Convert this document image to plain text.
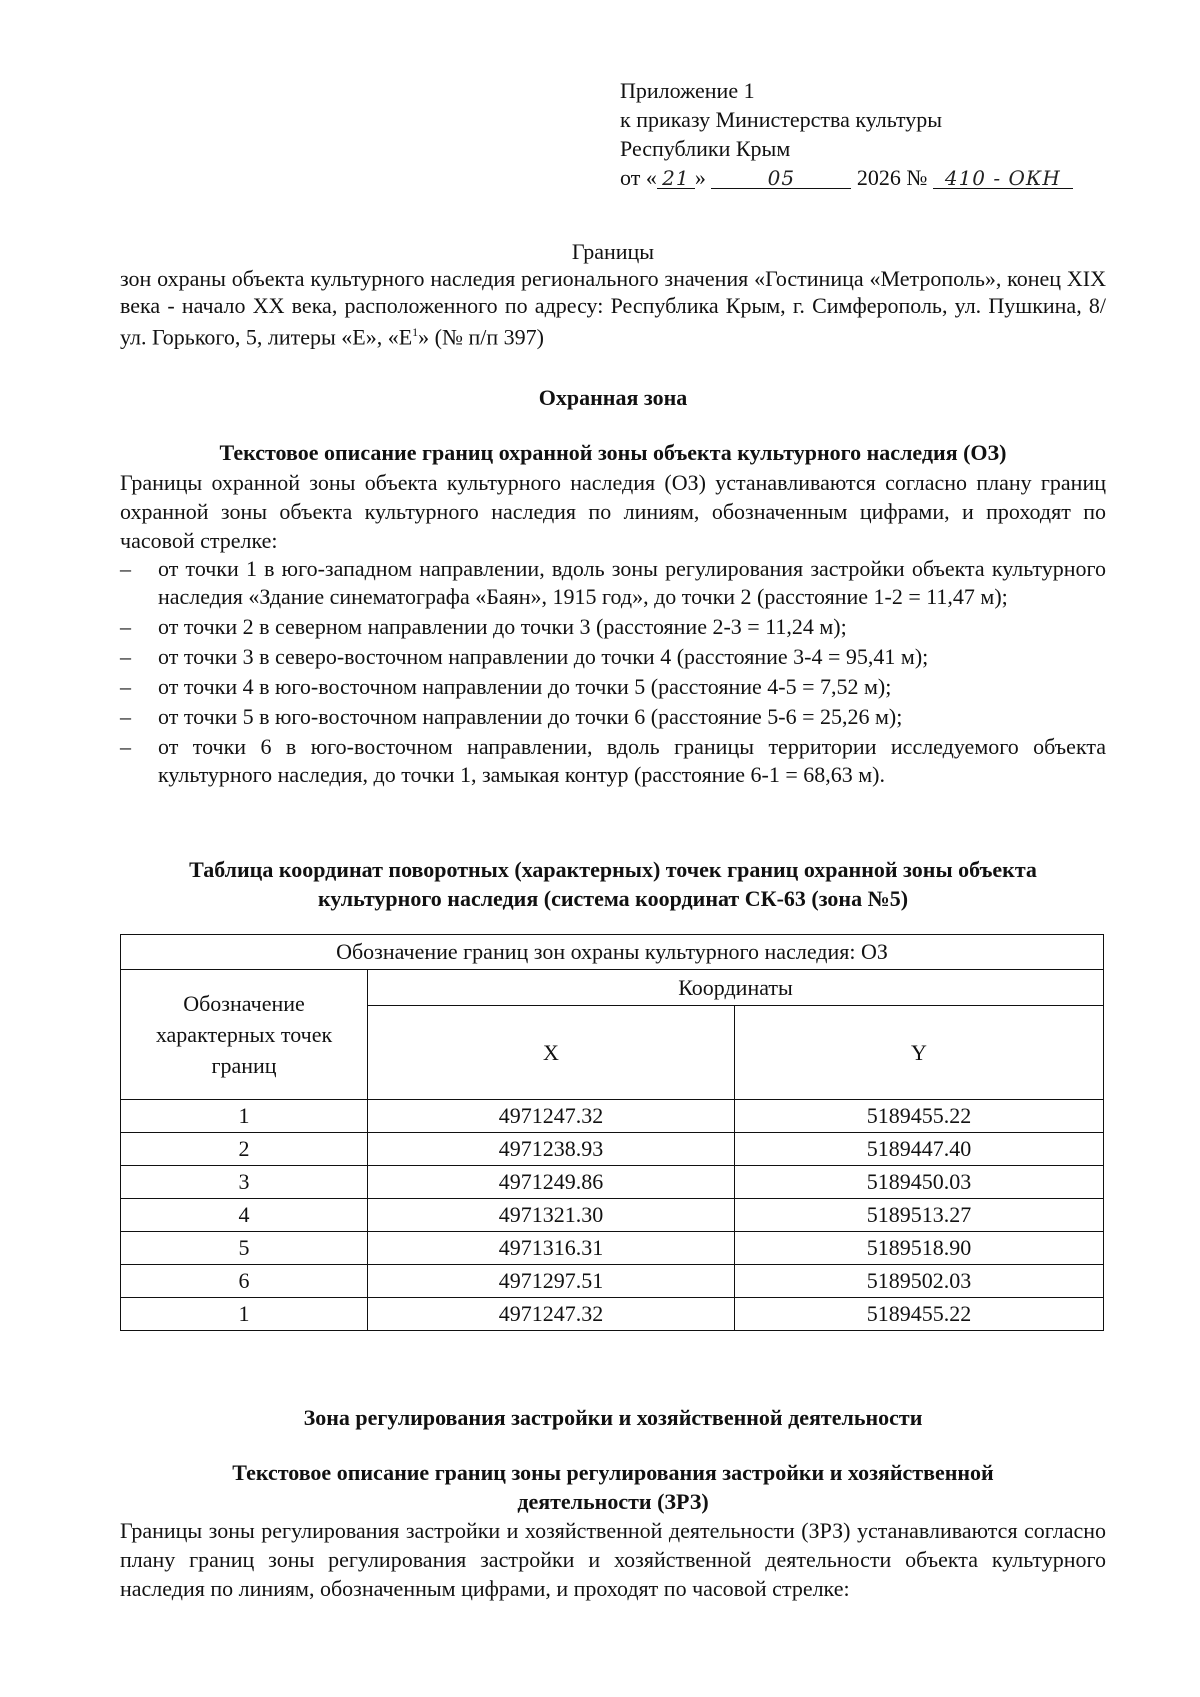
Приложение 1
к приказу Министерства культуры
Республики Крым
от « 21 »	05	2026 № 410 - ОКН
Границы
зон охраны объекта культурного наследия регионального значения «Гостиница «Метрополь», конец XIX века - начало XX века, расположенного по адресу: Республика Крым, г. Симферополь, ул. Пушкина, 8/ул. Горького, 5, литеры «Е», «$Е^1$» (№ п/п 397)
Охранная зона
Текстовое описание границ охранной зоны объекта культурного наследия (ОЗ)
Границы охранной зоны объекта культурного наследия (ОЗ) устанавливаются согласно плану границ охранной зоны объекта культурного наследия по линиям, обозначенным цифрами, и проходят по часовой стрелке:
– от точки 1 в юго-западном направлении, вдоль зоны регулирования застройки объекта культурного наследия «Здание синематографа «Баян», 1915 год», до точки 2 (расстояние 1-2 = 11,47 м);
– от точки 2 в северном направлении до точки 3 (расстояние 2-3 = 11,24 м);
– от точки 3 в северо-восточном направлении до точки 4 (расстояние 3-4 = 95,41 м);
– от точки 4 в юго-восточном направлении до точки 5 (расстояние 4-5 = 7,52 м);
– от точки 5 в юго-восточном направлении до точки 6 (расстояние 5-6 = 25,26 м);
– от точки 6 в юго-восточном направлении, вдоль границы территории исследуемого объекта культурного наследия, до точки 1, замыкая контур (расстояние 6-1 = 68,63 м).
Таблица координат поворотных (характерных) точек границ охранной зоны объекта культурного наследия (система координат СК-63 (зона №5)
Обозначение границ зон охраны культурного наследия: ОЗ		
Обозначение характерных точек границ	Координаты	
	X	Y
1	4971247.32	5189455.22
2	4971238.93	5189447.40
3	4971249.86	5189450.03
4	4971321.30	5189513.27
5	4971316.31	5189518.90
6	4971297.51	5189502.03
1	4971247.32	5189455.22
Зона регулирования застройки и хозяйственной деятельности
Текстовое описание границ зоны регулирования застройки и хозяйственной
деятельности (ЗРЗ)
Границы зоны регулирования застройки и хозяйственной деятельности (ЗРЗ) устанавливаются согласно плану границ зоны регулирования застройки и хозяйственной деятельности объекта культурного наследия по линиям, обозначенным цифрами, и проходят по часовой стрелке:
